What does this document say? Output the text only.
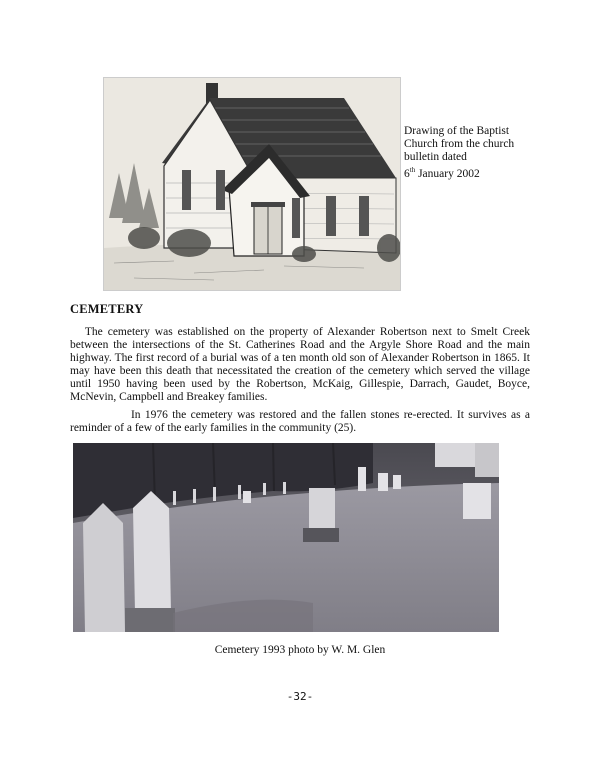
Drawing of the Baptist
Church from the church
bulletin dated
6th January 2002
CEMETERY
The cemetery was established on the property of Alexander Robertson next to Smelt Creek between the intersections of the St. Catherines Road and the Argyle Shore Road and the main highway. The first record of a burial was of a ten month old son of Alexander Robertson in 1865. It may have been this death that necessitated the creation of the cemetery which served the village until 1950 having been used by the Robertson, McKaig, Gillespie, Darrach, Gaudet, Boyce, McNevin, Campbell and Breakey families.
In 1976 the cemetery was restored and the fallen stones re-erected. It survives as a reminder of a few of the early families in the community (25).
Cemetery 1993 photo by W. M. Glen
-32-
